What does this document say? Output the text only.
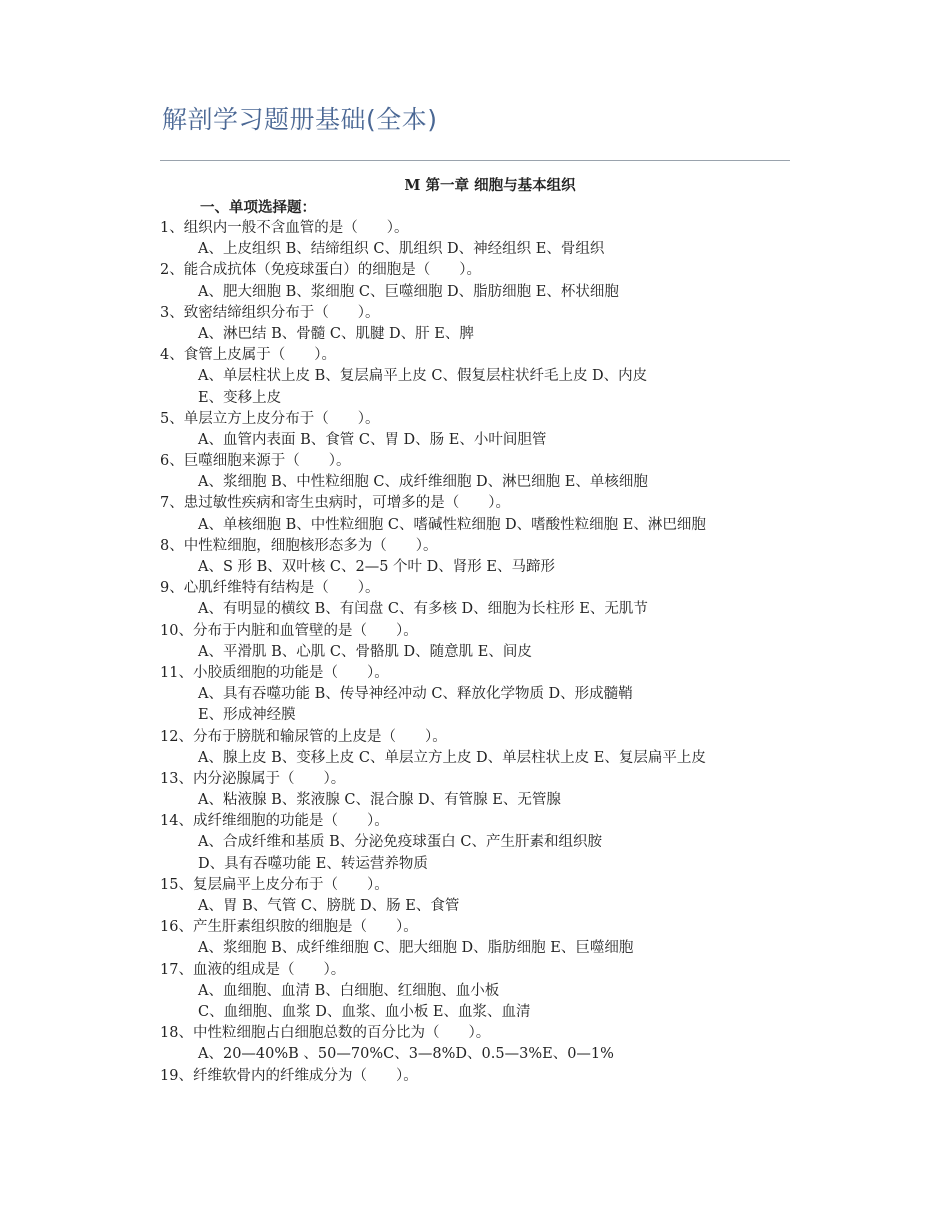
解剖学习题册基础(全本)
M 第一章 细胞与基本组织
一、单项选择题：
1、组织内一般不含血管的是（　　）。
A、上皮组织 B、结缔组织 C、肌组织 D、神经组织 E、骨组织
2、能合成抗体（免疫球蛋白）的细胞是（　　）。
A、肥大细胞 B、浆细胞 C、巨噬细胞 D、脂肪细胞 E、杯状细胞
3、致密结缔组织分布于（　　）。
A、淋巴结 B、骨髓 C、肌腱 D、肝 E、脾
4、食管上皮属于（　　）。
A、单层柱状上皮 B、复层扁平上皮 C、假复层柱状纤毛上皮 D、内皮
E、变移上皮
5、单层立方上皮分布于（　　）。
A、血管内表面 B、食管 C、胃 D、肠 E、小叶间胆管
6、巨噬细胞来源于（　　）。
A、浆细胞 B、中性粒细胞 C、成纤维细胞 D、淋巴细胞 E、单核细胞
7、患过敏性疾病和寄生虫病时，可增多的是（　　）。
A、单核细胞 B、中性粒细胞 C、嗜碱性粒细胞 D、嗜酸性粒细胞 E、淋巴细胞
8、中性粒细胞，细胞核形态多为（　　）。
A、S 形 B、双叶核 C、2—5 个叶 D、肾形 E、马蹄形
9、心肌纤维特有结构是（　　）。
A、有明显的横纹 B、有闰盘 C、有多核 D、细胞为长柱形 E、无肌节
10、分布于内脏和血管壁的是（　　）。
A、平滑肌 B、心肌 C、骨骼肌 D、随意肌 E、间皮
11、小胶质细胞的功能是（　　）。
A、具有吞噬功能 B、传导神经冲动 C、释放化学物质 D、形成髓鞘
E、形成神经膜
12、分布于膀胱和输尿管的上皮是（　　）。
A、腺上皮 B、变移上皮 C、单层立方上皮 D、单层柱状上皮 E、复层扁平上皮
13、内分泌腺属于（　　）。
A、粘液腺 B、浆液腺 C、混合腺 D、有管腺 E、无管腺
14、成纤维细胞的功能是（　　）。
A、合成纤维和基质 B、分泌免疫球蛋白 C、产生肝素和组织胺
D、具有吞噬功能 E、转运营养物质
15、复层扁平上皮分布于（　　）。
A、胃 B、气管 C、膀胱 D、肠 E、食管
16、产生肝素组织胺的细胞是（　　）。
A、浆细胞 B、成纤维细胞 C、肥大细胞 D、脂肪细胞 E、巨噬细胞
17、血液的组成是（　　）。
A、血细胞、血清 B、白细胞、红细胞、血小板
C、血细胞、血浆 D、血浆、血小板 E、血浆、血清
18、中性粒细胞占白细胞总数的百分比为（　　）。
A、20—40%B 、50—70%C、3—8%D、0.5—3%E、0—1%
19、纤维软骨内的纤维成分为（　　）。
